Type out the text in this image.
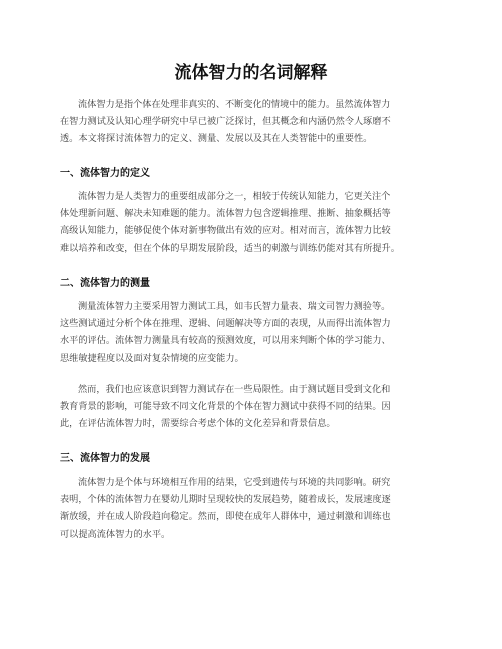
流体智力的名词解释

流体智力是指个体在处理非真实的、不断变化的情境中的能力。虽然流体智力
在智力测试及认知心理学研究中早已被广泛探讨，但其概念和内涵仍然令人琢磨不
透。本文将探讨流体智力的定义、测量、发展以及其在人类智能中的重要性。

一、流体智力的定义

流体智力是人类智力的重要组成部分之一，相较于传统认知能力，它更关注个
体处理新问题、解决未知难题的能力。流体智力包含逻辑推理、推断、抽象概括等
高级认知能力，能够促使个体对新事物做出有效的应对。相对而言，流体智力比较
难以培养和改变，但在个体的早期发展阶段，适当的刺激与训练仍能对其有所提升。

二、流体智力的测量

测量流体智力主要采用智力测试工具，如韦氏智力量表、瑞文司智力测验等。
这些测试通过分析个体在推理、逻辑、问题解决等方面的表现，从而得出流体智力
水平的评估。流体智力测量具有较高的预测效度，可以用来判断个体的学习能力、
思维敏捷程度以及面对复杂情境的应变能力。

然而，我们也应该意识到智力测试存在一些局限性。由于测试题目受到文化和
教育背景的影响，可能导致不同文化背景的个体在智力测试中获得不同的结果。因
此，在评估流体智力时，需要综合考虑个体的文化差异和背景信息。

三、流体智力的发展

流体智力是个体与环境相互作用的结果，它受到遗传与环境的共同影响。研究
表明，个体的流体智力在婴幼儿期时呈现较快的发展趋势，随着成长，发展速度逐
渐放缓，并在成人阶段趋向稳定。然而，即使在成年人群体中，通过刺激和训练也
可以提高流体智力的水平。
